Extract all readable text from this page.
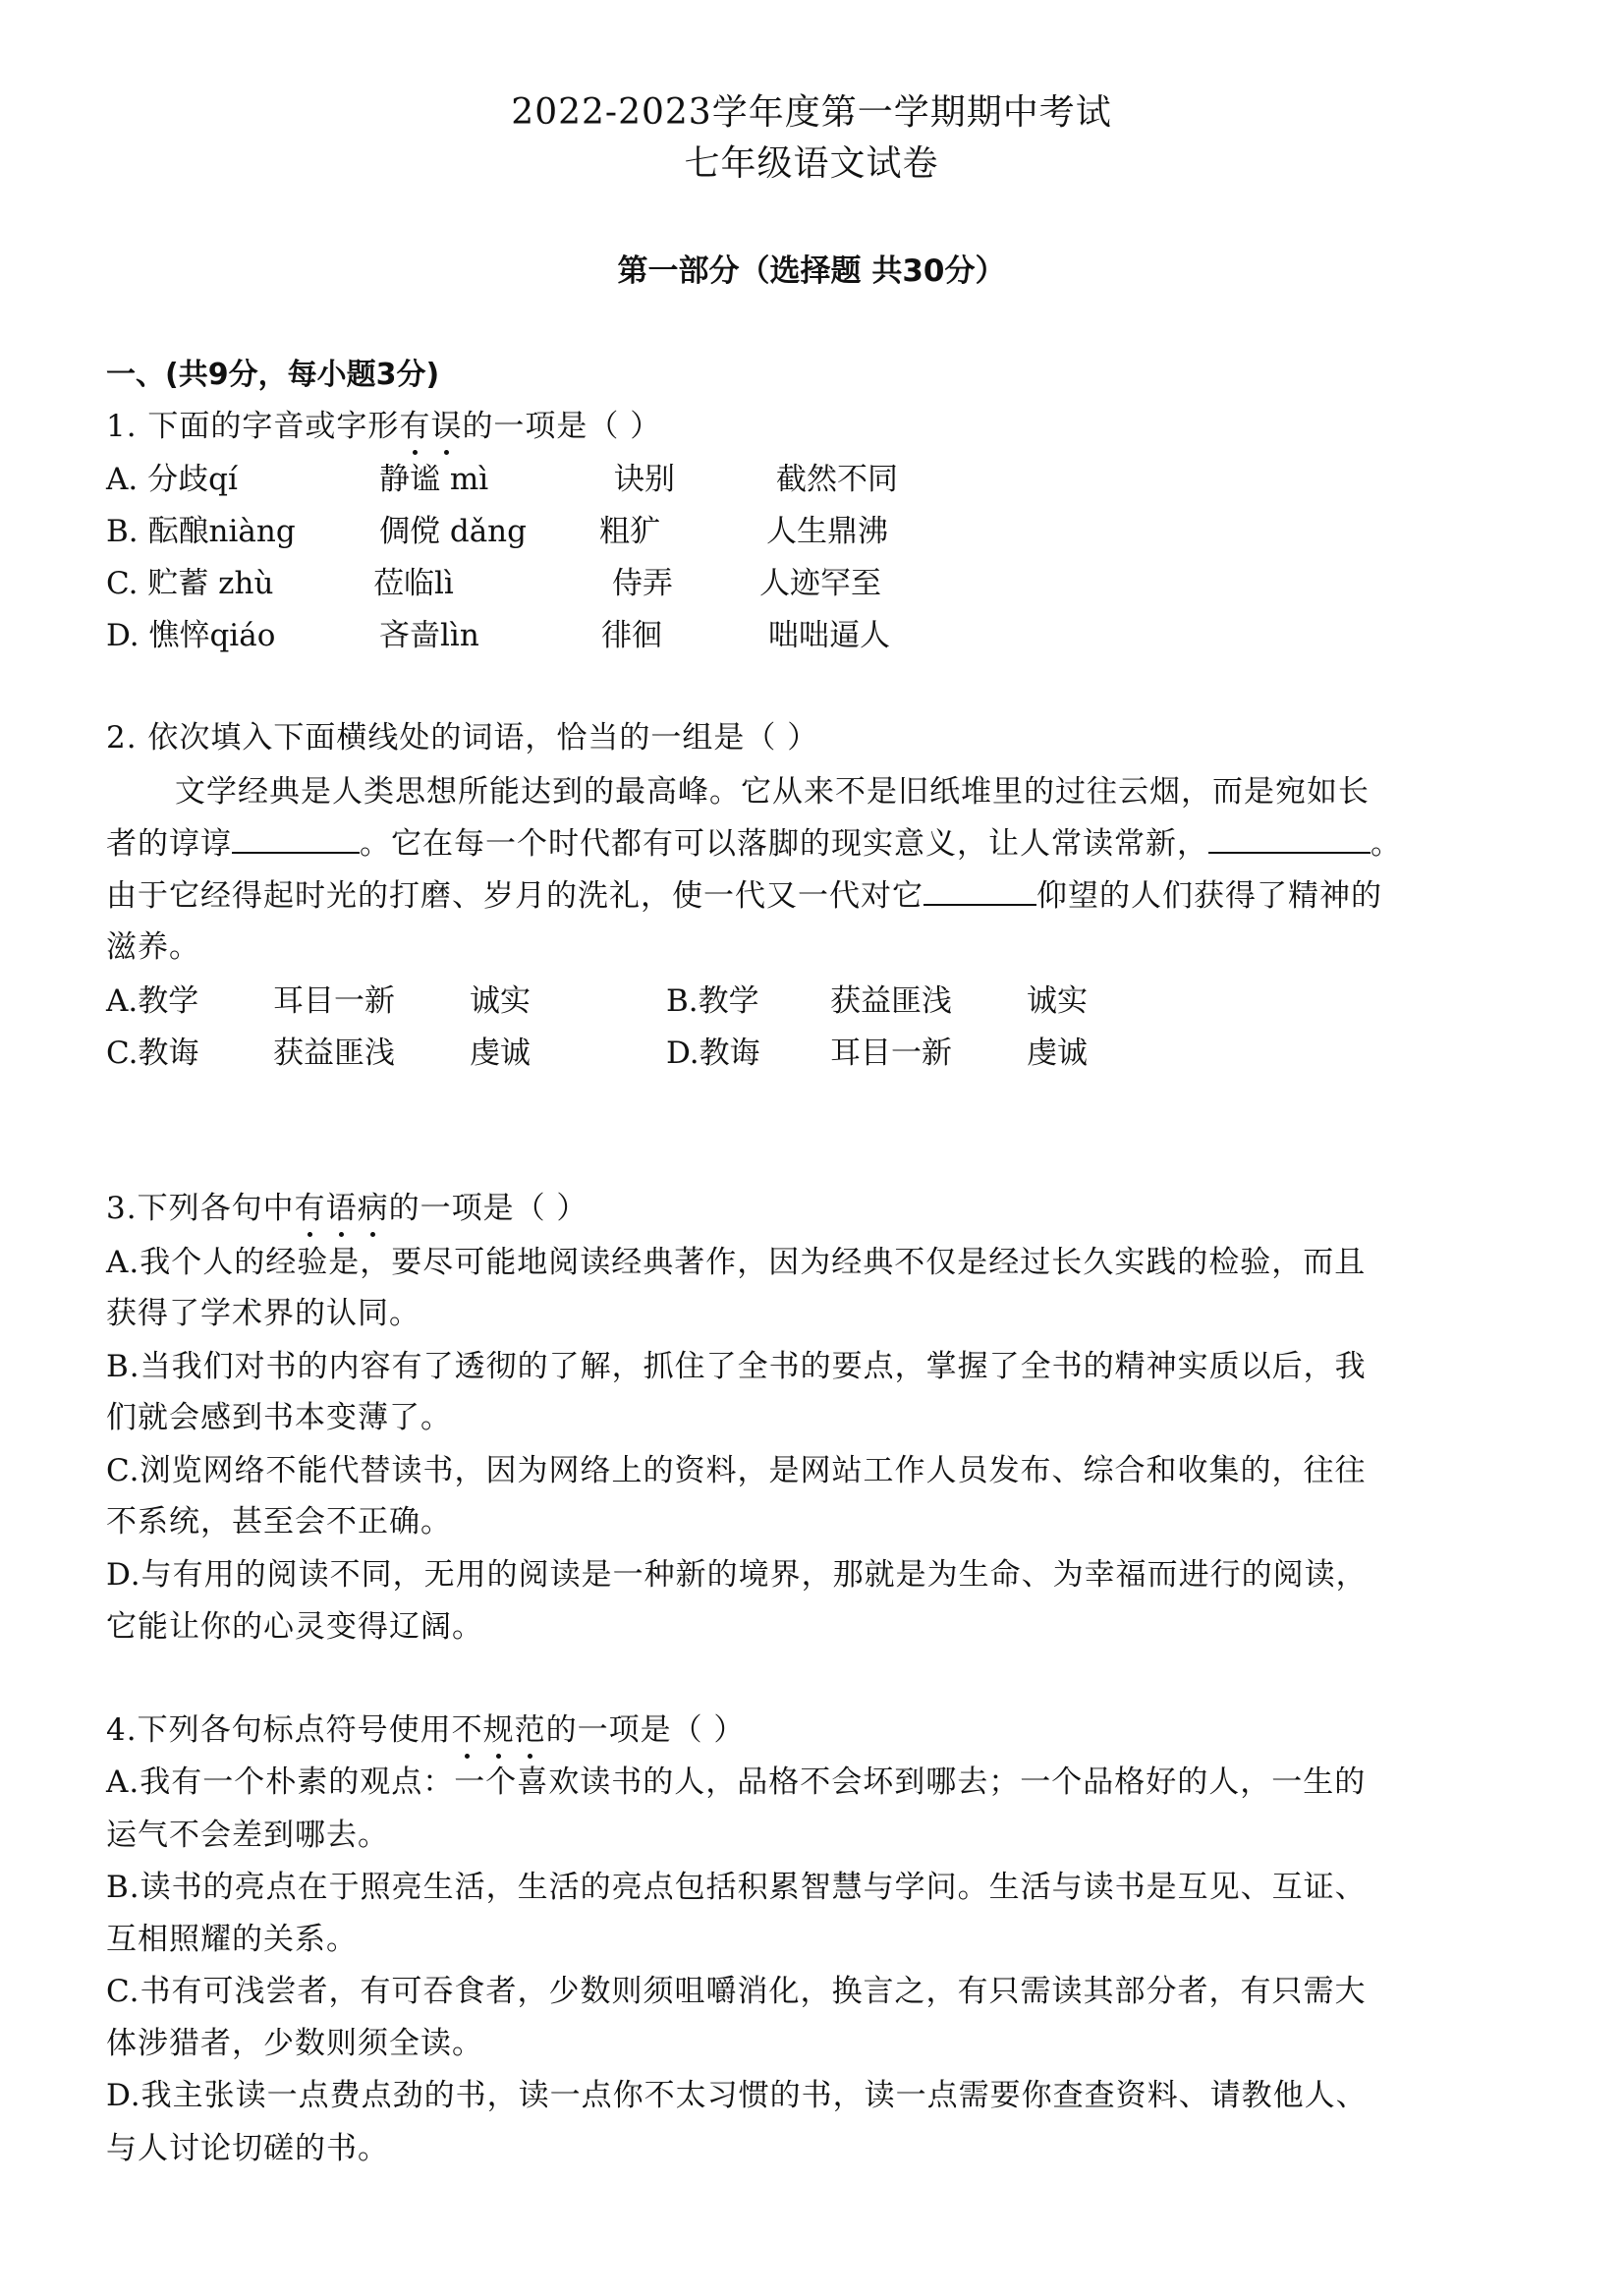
2022-2023学年度第一学期期中考试
七年级语文试卷
第一部分（选择题 共30分）
一、(共9分，每小题3分)
1. 下面的字音或字形有误的一项是（ ）
A. 分歧qí	静谧 mì	诀别	截然不同
B. 酝酿niàng	倜傥 dǎng 粗犷	人生鼎沸
C. 贮蓄 zhù	莅临lì	侍弄	人迹罕至
D. 憔悴qiáo	吝啬lìn	徘徊	咄咄逼人
2. 依次填入下面横线处的词语，恰当的一组是（ ）
文学经典是人类思想所能达到的最高峰。它从来不是旧纸堆里的过往云烟，而是宛如长
者的谆谆	。它在每一个时代都有可以落脚的现实意义，让人常读常新，	。
由于它经得起时光的打磨、岁月的洗礼，使一代又一代对它	仰望的人们获得了精神的
滋养。
A.教学 耳目一新 诚实	B.教学 获益匪浅 诚实
C.教诲 获益匪浅 虔诚	D.教诲 耳目一新 虔诚
3.下列各句中有语病的一项是（ ）
A.我个人的经验是，要尽可能地阅读经典著作，因为经典不仅是经过长久实践的检验，而且
获得了学术界的认同。
B.当我们对书的内容有了透彻的了解，抓住了全书的要点，掌握了全书的精神实质以后，我
们就会感到书本变薄了。
C.浏览网络不能代替读书，因为网络上的资料，是网站工作人员发布、综合和收集的，往往
不系统，甚至会不正确。
D.与有用的阅读不同，无用的阅读是一种新的境界，那就是为生命、为幸福而进行的阅读，
它能让你的心灵变得辽阔。
4.下列各句标点符号使用不规范的一项是（ ）
A.我有一个朴素的观点：一个喜欢读书的人，品格不会坏到哪去；一个品格好的人，一生的
运气不会差到哪去。
B.读书的亮点在于照亮生活，生活的亮点包括积累智慧与学问。生活与读书是互见、互证、
互相照耀的关系。
C.书有可浅尝者，有可吞食者，少数则须咀嚼消化，换言之，有只需读其部分者，有只需大
体涉猎者，少数则须全读。
D.我主张读一点费点劲的书，读一点你不太习惯的书，读一点需要你查查资料、请教他人、
与人讨论切磋的书。
